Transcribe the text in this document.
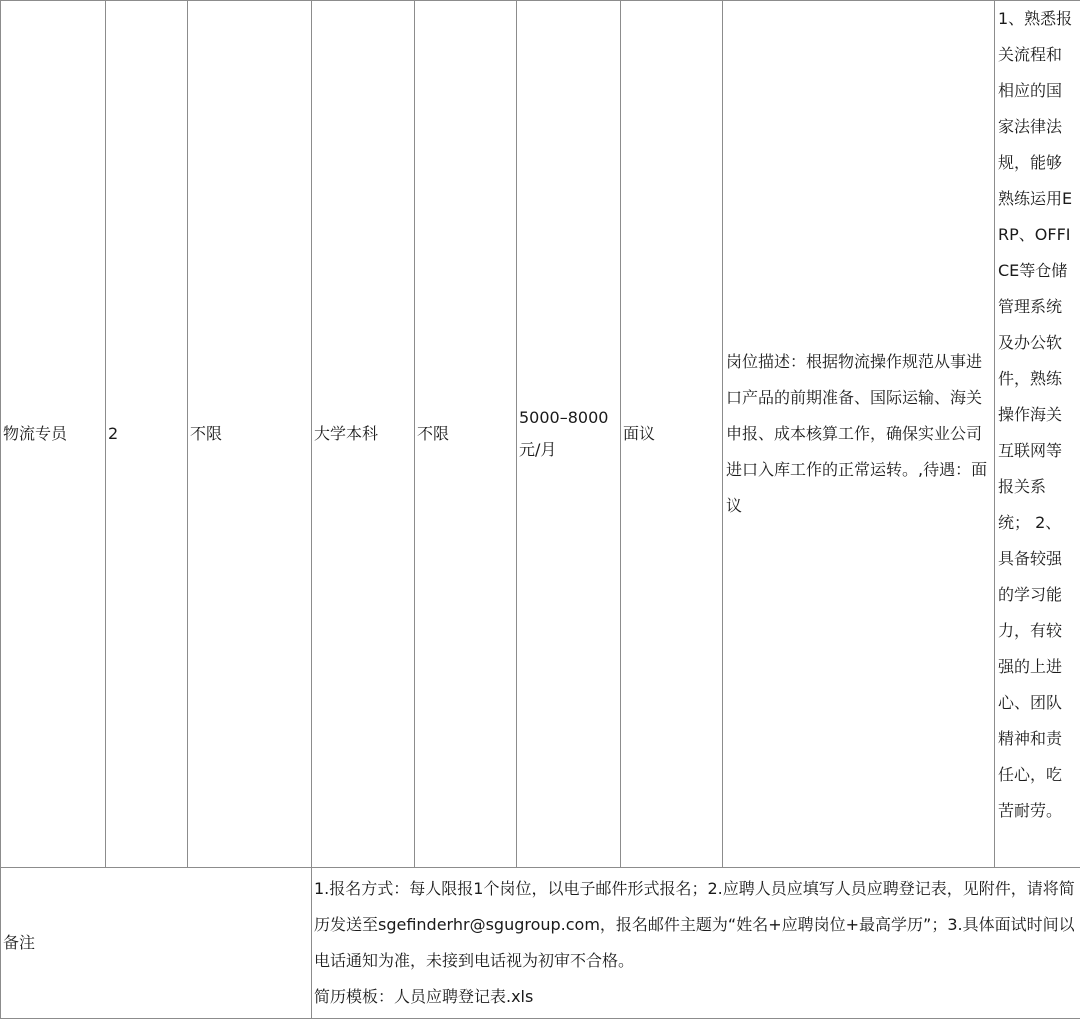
物流专员	2	不限	大学本科	不限	5000–8000元/月	面议	岗位描述：根据物流操作规范从事进口产品的前期准备、国际运输、海关申报、成本核算工作，确保实业公司进口入库工作的正常运转。,待遇：面议	1、熟悉报关流程和相应的国家法律法规，能够熟练运用ERP、OFFICE等仓储管理系统及办公软件，熟练操作海关互联网等报关系统； 2、具备较强的学习能力，有较强的上进心、团队精神和责任心，吃苦耐劳。
备注			1.报名方式：每人限报1个岗位，以电子邮件形式报名；2.应聘人员应填写人员应聘登记表，见附件，请将简历发送至sgefinderhr@sgugroup.com，报名邮件主题为“姓名+应聘岗位+最高学历”；3.具体面试时间以电话通知为准，未接到电话视为初审不合格。
简历模板：人员应聘登记表.xls					
